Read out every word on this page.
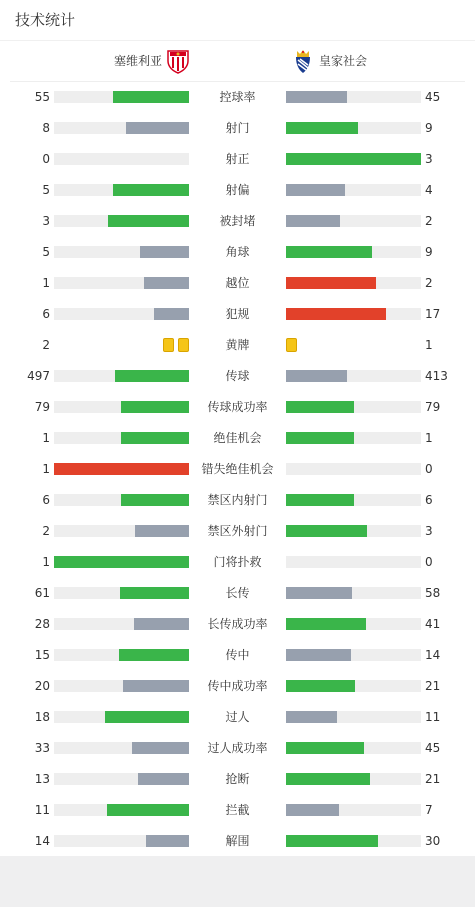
技术统计
塞维利亚	皇家社会
55	控球率	45
8	射门	9
0	射正	3
5	射偏	4
3	被封堵	2
5	角球	9
1	越位	2
6	犯规	17
2	黄牌	1
497	传球	413
79	传球成功率	79
1	绝佳机会	1
1	错失绝佳机会	0
6	禁区内射门	6
2	禁区外射门	3
1	门将扑救	0
61	长传	58
28	长传成功率	41
15	传中	14
20	传中成功率	21
18	过人	11
33	过人成功率	45
13	抢断	21
11	拦截	7
14	解围	30
